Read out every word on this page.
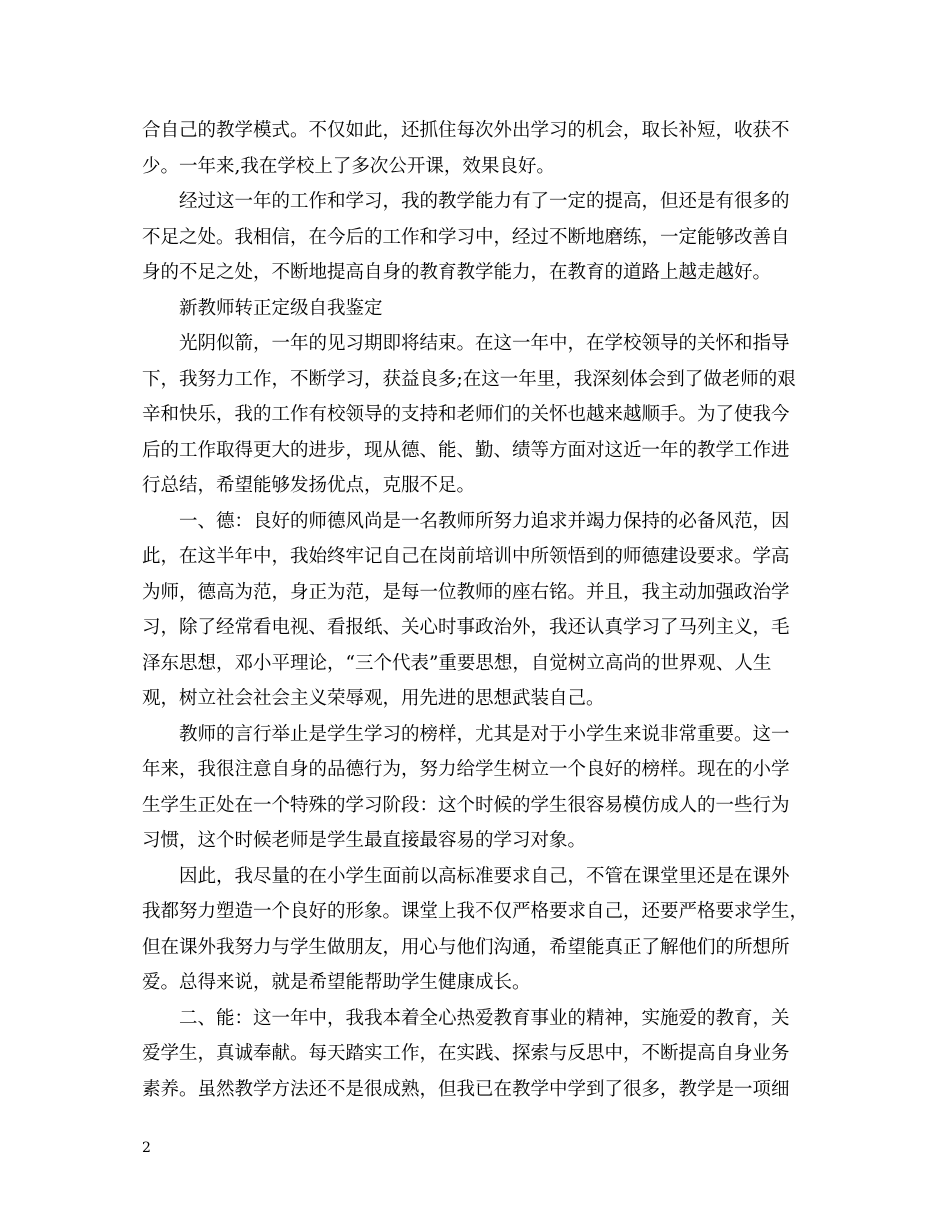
合自己的教学模式。不仅如此，还抓住每次外出学习的机会，取长补短，收获不
少。一年来,我在学校上了多次公开课，效果良好。
经过这一年的工作和学习，我的教学能力有了一定的提高，但还是有很多的
不足之处。我相信，在今后的工作和学习中，经过不断地磨练，一定能够改善自
身的不足之处，不断地提高自身的教育教学能力，在教育的道路上越走越好。
新教师转正定级自我鉴定
光阴似箭，一年的见习期即将结束。在这一年中，在学校领导的关怀和指导
下，我努力工作，不断学习，获益良多;在这一年里，我深刻体会到了做老师的艰
辛和快乐，我的工作有校领导的支持和老师们的关怀也越来越顺手。为了使我今
后的工作取得更大的进步，现从德、能、勤、绩等方面对这近一年的教学工作进
行总结，希望能够发扬优点，克服不足。
一、德：良好的师德风尚是一名教师所努力追求并竭力保持的必备风范，因
此，在这半年中，我始终牢记自己在岗前培训中所领悟到的师德建设要求。学高
为师，德高为范，身正为范，是每一位教师的座右铭。并且，我主动加强政治学
习，除了经常看电视、看报纸、关心时事政治外，我还认真学习了马列主义，毛
泽东思想，邓小平理论，“三个代表”重要思想，自觉树立高尚的世界观、人生
观，树立社会社会主义荣辱观，用先进的思想武装自己。
教师的言行举止是学生学习的榜样，尤其是对于小学生来说非常重要。这一
年来，我很注意自身的品德行为，努力给学生树立一个良好的榜样。现在的小学
生学生正处在一个特殊的学习阶段：这个时候的学生很容易模仿成人的一些行为
习惯，这个时候老师是学生最直接最容易的学习对象。
因此，我尽量的在小学生面前以高标准要求自己，不管在课堂里还是在课外
我都努力塑造一个良好的形象。课堂上我不仅严格要求自己，还要严格要求学生，
但在课外我努力与学生做朋友，用心与他们沟通，希望能真正了解他们的所想所
爱。总得来说，就是希望能帮助学生健康成长。
二、能：这一年中，我我本着全心热爱教育事业的精神，实施爱的教育，关
爱学生，真诚奉献。每天踏实工作，在实践、探索与反思中，不断提高自身业务
素养。虽然教学方法还不是很成熟，但我已在教学中学到了很多，教学是一项细
2
